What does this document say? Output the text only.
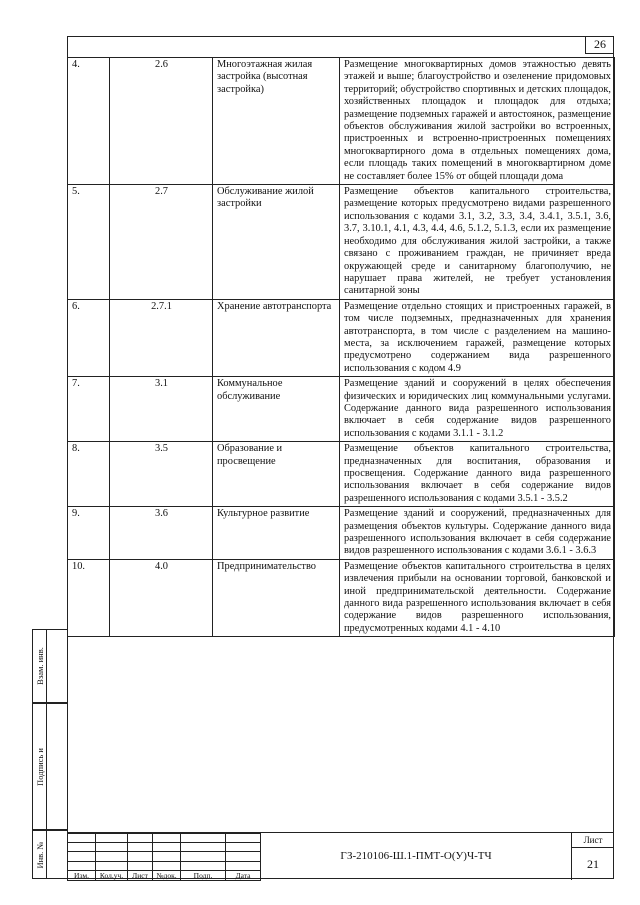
26
4.	2.6	Многоэтажная жилая застройка (высотная застройка)	Размещение многоквартирных домов этажностью девять этажей и выше; благоустройство и озеленение придомовых территорий; обустройство спортивных и детских площадок, хозяйственных площадок и площадок для отдыха; размещение подземных гаражей и автостоянок, размещение объектов обслуживания жилой застройки во встроенных, пристроенных и встроенно-пристроенных помещениях многоквартирного дома в отдельных помещениях дома, если площадь таких помещений в многоквартирном доме не составляет более 15% от общей площади дома
5.	2.7	Обслуживание жилой застройки	Размещение объектов капитального строительства, размещение которых предусмотрено видами разрешенного использования с кодами 3.1, 3.2, 3.3, 3.4, 3.4.1, 3.5.1, 3.6, 3.7, 3.10.1, 4.1, 4.3, 4.4, 4.6, 5.1.2, 5.1.3, если их размещение необходимо для обслуживания жилой застройки, а также связано с проживанием граждан, не причиняет вреда окружающей среде и санитарному благополучию, не нарушает права жителей, не требует установления санитарной зоны
6.	2.7.1	Хранение автотранспорта	Размещение отдельно стоящих и пристроенных гаражей, в том числе подземных, предназначенных для хранения автотранспорта, в том числе с разделением на машино-места, за исключением гаражей, размещение которых предусмотрено содержанием вида разрешенного использования с кодом 4.9
7.	3.1	Коммунальное обслуживание	Размещение зданий и сооружений в целях обеспечения физических и юридических лиц коммунальными услугами. Содержание данного вида разрешенного использования включает в себя содержание видов разрешенного использования с кодами 3.1.1 - 3.1.2
8.	3.5	Образование и просвещение	Размещение объектов капитального строительства, предназначенных для воспитания, образования и просвещения. Содержание данного вида разрешенного использования включает в себя содержание видов разрешенного использования с кодами 3.5.1 - 3.5.2
9.	3.6	Культурное развитие	Размещение зданий и сооружений, предназначенных для размещения объектов культуры. Содержание данного вида разрешенного использования включает в себя содержание видов разрешенного использования с кодами 3.6.1 - 3.6.3
10.	4.0	Предпринимательство	Размещение объектов капитального строительства в целях извлечения прибыли на основании торговой, банковской и иной предпринимательской деятельности. Содержание данного вида разрешенного использования включает в себя содержание видов разрешенного использования, предусмотренных кодами 4.1 - 4.10
Взам. инв.
Подпись и
Инв. №

Изм.	Кол.уч.	Лист	№док.	Подп.	Дата
ГЗ-210106-Ш.1-ПМТ-О(У)Ч-ТЧ
Лист
21
